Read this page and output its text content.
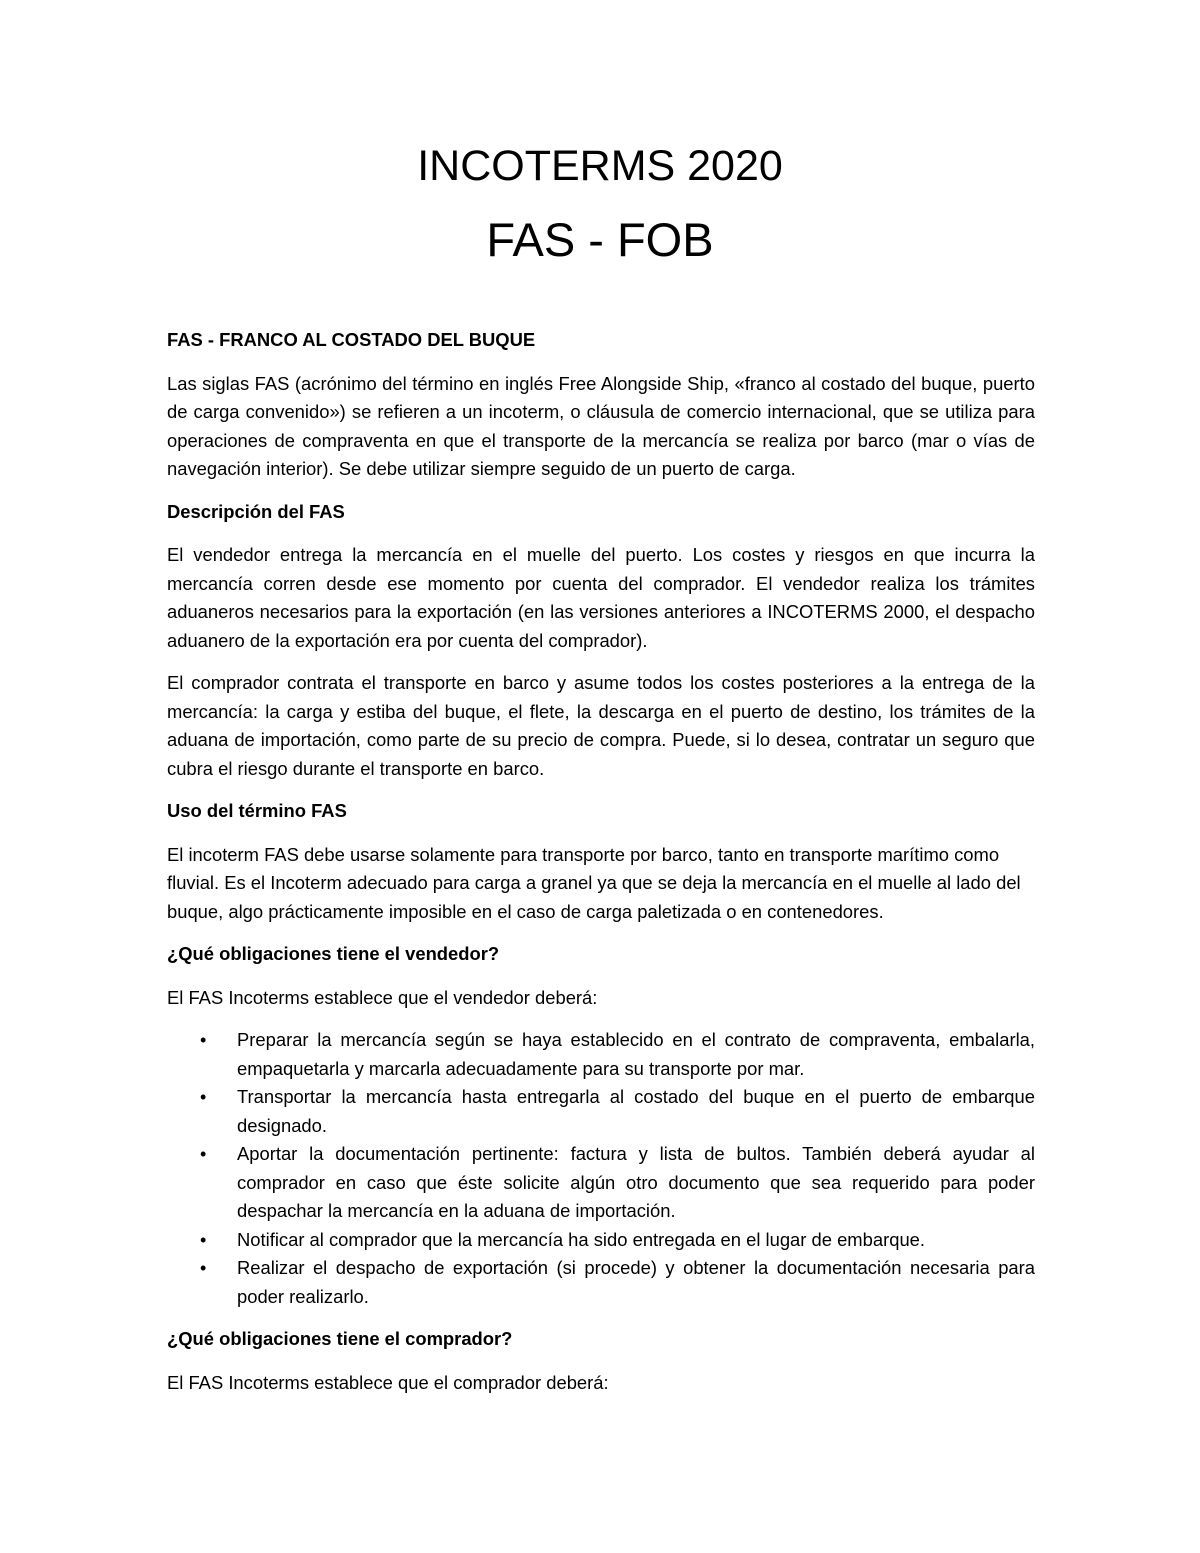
INCOTERMS 2020
FAS - FOB

FAS - FRANCO AL COSTADO DEL BUQUE

Las siglas FAS (acrónimo del término en inglés Free Alongside Ship, «franco al costado del buque, puerto de carga convenido») se refieren a un incoterm, o cláusula de comercio internacional, que se utiliza para operaciones de compraventa en que el transporte de la mercancía se realiza por barco (mar o vías de navegación interior). Se debe utilizar siempre seguido de un puerto de carga.

Descripción del FAS

El vendedor entrega la mercancía en el muelle del puerto. Los costes y riesgos en que incurra la mercancía corren desde ese momento por cuenta del comprador. El vendedor realiza los trámites aduaneros necesarios para la exportación (en las versiones anteriores a INCOTERMS 2000, el despacho aduanero de la exportación era por cuenta del comprador).

El comprador contrata el transporte en barco y asume todos los costes posteriores a la entrega de la mercancía: la carga y estiba del buque, el flete, la descarga en el puerto de destino, los trámites de la aduana de importación, como parte de su precio de compra. Puede, si lo desea, contratar un seguro que cubra el riesgo durante el transporte en barco.

Uso del término FAS

El incoterm FAS debe usarse solamente para transporte por barco, tanto en transporte marítimo como fluvial. Es el Incoterm adecuado para carga a granel ya que se deja la mercancía en el muelle al lado del buque, algo prácticamente imposible en el caso de carga paletizada o en contenedores.

¿Qué obligaciones tiene el vendedor?

El FAS Incoterms establece que el vendedor deberá:

• Preparar la mercancía según se haya establecido en el contrato de compraventa, embalarla, empaquetarla y marcarla adecuadamente para su transporte por mar.
• Transportar la mercancía hasta entregarla al costado del buque en el puerto de embarque designado.
• Aportar la documentación pertinente: factura y lista de bultos. También deberá ayudar al comprador en caso que éste solicite algún otro documento que sea requerido para poder despachar la mercancía en la aduana de importación.
• Notificar al comprador que la mercancía ha sido entregada en el lugar de embarque.
• Realizar el despacho de exportación (si procede) y obtener la documentación necesaria para poder realizarlo.

¿Qué obligaciones tiene el comprador?

El FAS Incoterms establece que el comprador deberá:
